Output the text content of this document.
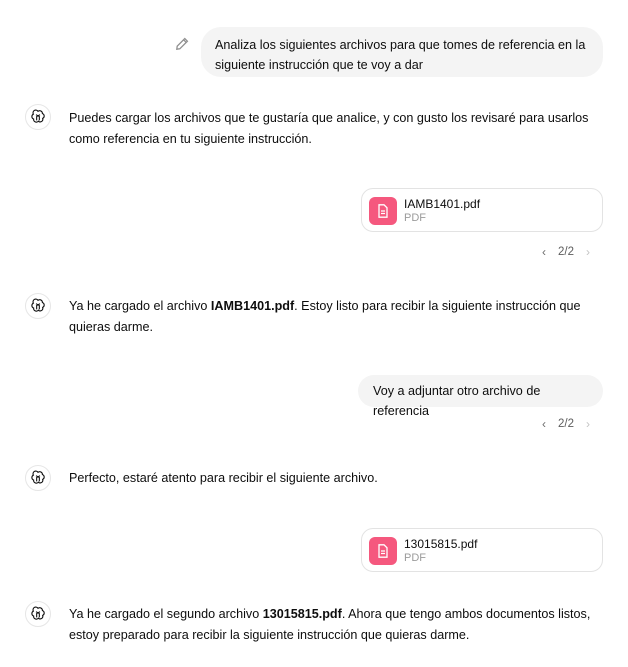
Analiza los siguientes archivos para que tomes de referencia en la siguiente instrucción que te voy a dar
Puedes cargar los archivos que te gustaría que analice, y con gusto los revisaré para usarlos como referencia en tu siguiente instrucción.
IAMB1401.pdf
PDF
‹	2/2	›
Ya he cargado el archivo IAMB1401.pdf. Estoy listo para recibir la siguiente instrucción que quieras darme.
Voy a adjuntar otro archivo de referencia
‹	2/2	›
Perfecto, estaré atento para recibir el siguiente archivo.
13015815.pdf
PDF
Ya he cargado el segundo archivo 13015815.pdf. Ahora que tengo ambos documentos listos, estoy preparado para recibir la siguiente instrucción que quieras darme.
